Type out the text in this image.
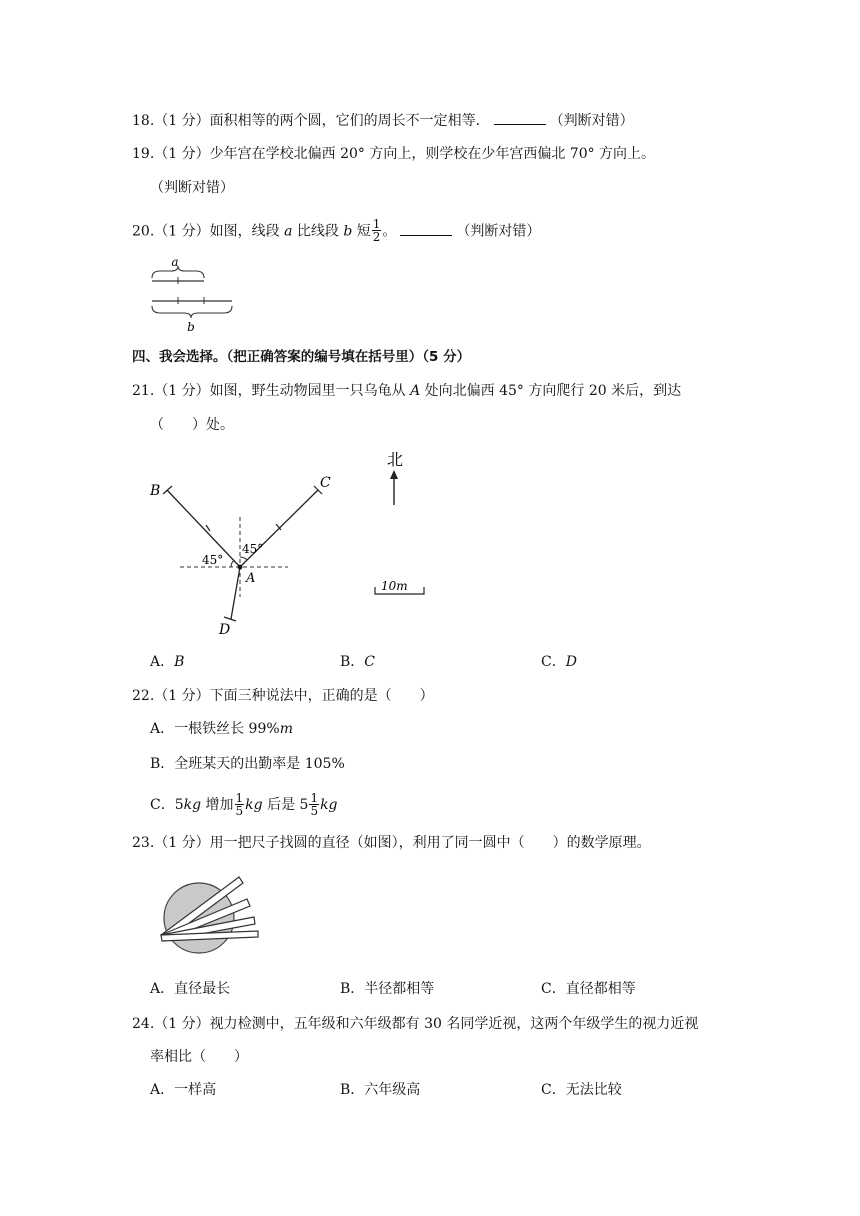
18.（1 分）面积相等的两个圆，它们的周长不一定相等．	（判断对错）
19.（1 分）少年宫在学校北偏西 20° 方向上，则学校在少年宫西偏北 70° 方向上。
（判断对错）
20.（1 分）如图，线段 a 比线段 b 短 $\frac{1}{2}$ 。	（判断对错）
a
b
四、我会选择。（把正确答案的编号填在括号里）（5 分）
21.（1 分）如图，野生动物园里一只乌龟从 A 处向北偏西 45° 方向爬行 20 米后，到达
（　　）处。
45°
45°
B	C
A
D
北
10m
A．B	B．C	C．D
22.（1 分）下面三种说法中，正确的是（　　）
A．一根铁丝长 99%m
B．全班某天的出勤率是 105%
C．5kg 增加 $\frac{1}{5}$ kg 后是 $5 \frac{1}{5}$ kg
23.（1 分）用一把尺子找圆的直径（如图），利用了同一圆中（　　）的数学原理。
A．直径最长	B．半径都相等	C．直径都相等
24.（1 分）视力检测中，五年级和六年级都有 30 名同学近视，这两个年级学生的视力近视
率相比（　　）
A．一样高	B．六年级高	C．无法比较
